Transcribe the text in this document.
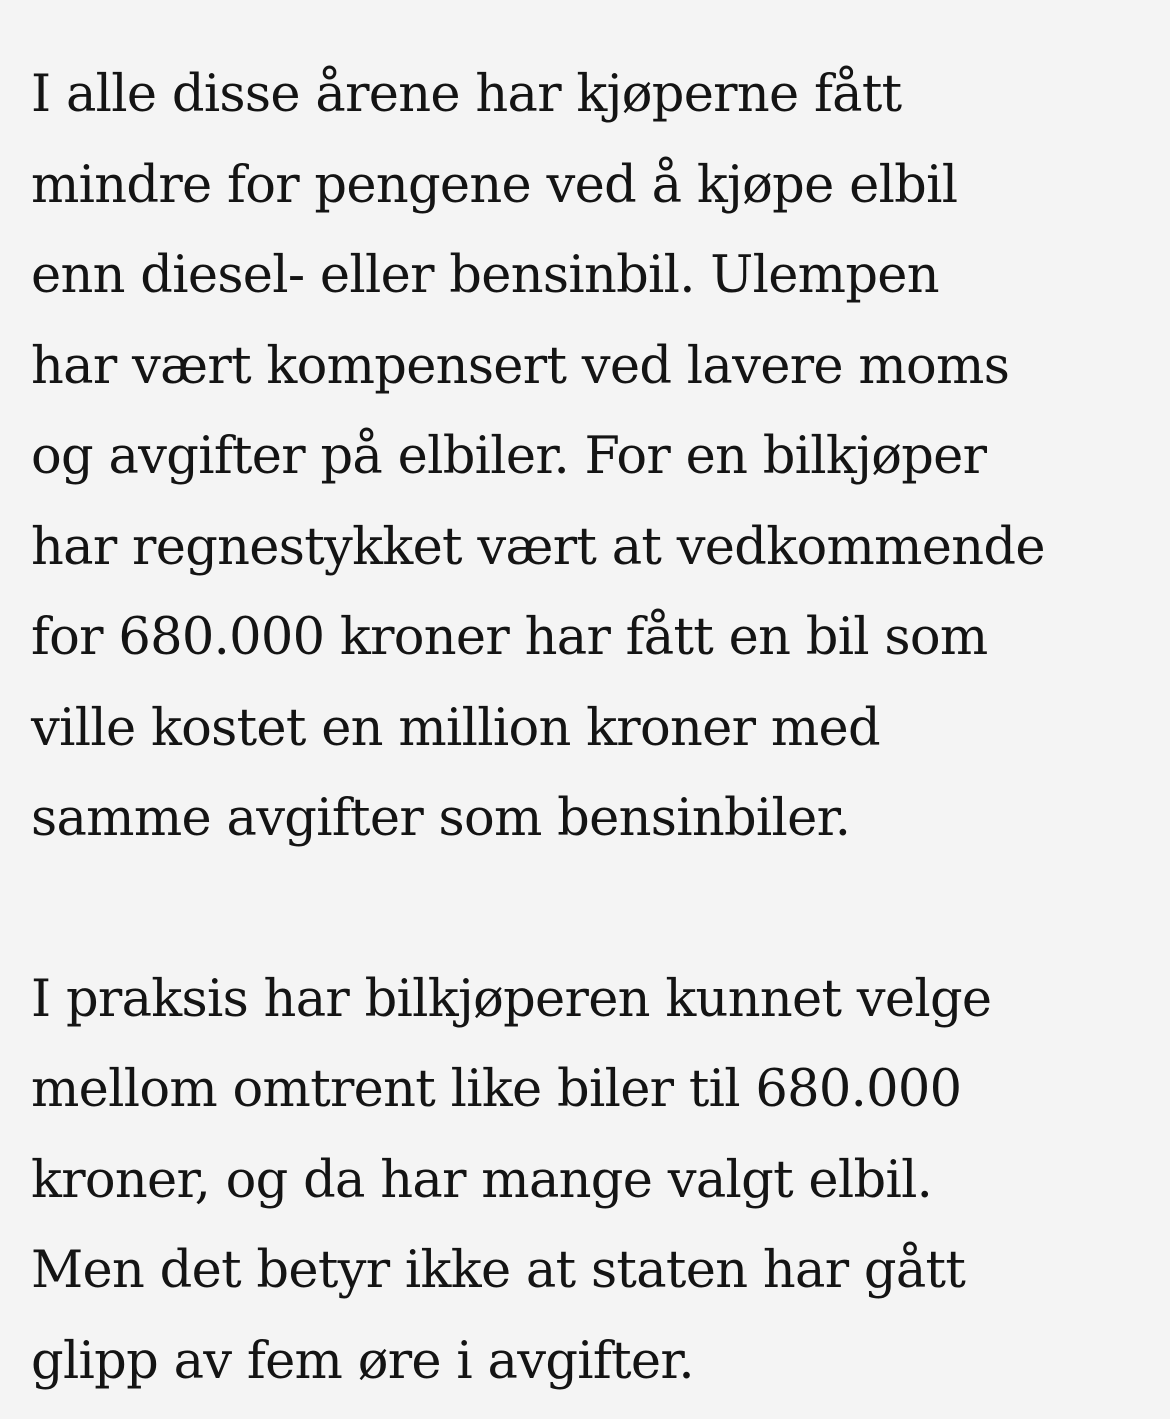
I alle disse årene har kjøperne fått
mindre for pengene ved å kjøpe elbil
enn diesel- eller bensinbil. Ulempen
har vært kompensert ved lavere moms
og avgifter på elbiler. For en bilkjøper
har regnestykket vært at vedkommende
for 680.000 kroner har fått en bil som
ville kostet en million kroner med
samme avgifter som bensinbiler.

I praksis har bilkjøperen kunnet velge
mellom omtrent like biler til 680.000
kroner, og da har mange valgt elbil.
Men det betyr ikke at staten har gått
glipp av fem øre i avgifter.
